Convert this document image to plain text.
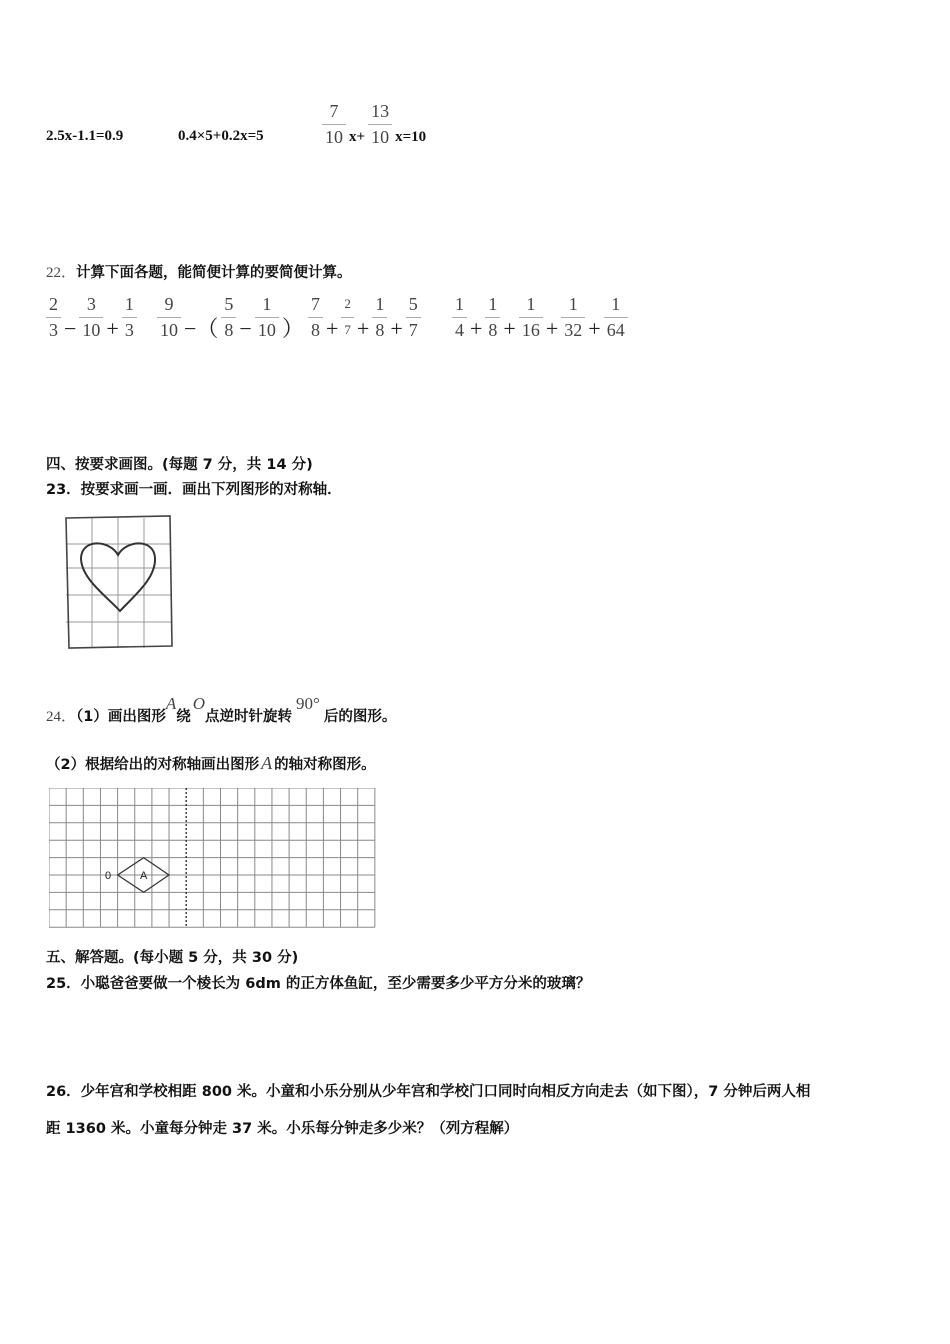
2.5x-1.1=0.9	0.4×5+0.2x=5	$\frac{7}{10} x+ \frac{13}{10} x=10$
22．计算下面各题，能简便计算的要简便计算。
$\frac{2}{3} - \frac{3}{10} + \frac{1}{3} \frac{9}{10}$ −（ $\frac{5}{8} - \frac{1}{10}$ ） $\frac{7}{8} + \frac{2}{7} + \frac{1}{8} + \frac{5}{7} \frac{1}{4} + \frac{1}{8} + \frac{1}{16} + \frac{1}{32} + \frac{1}{64}$
四、按要求画图。(每题 7 分，共 14 分)
23．按要求画一画．画出下列图形的对称轴．
24．（1）画出图形A绕O点逆时针旋转90°后的图形。
（2）根据给出的对称轴画出图形 A 的轴对称图形。
0	A
五、解答题。(每小题 5 分，共 30 分)
25．小聪爸爸要做一个棱长为 6dm 的正方体鱼缸，至少需要多少平方分米的玻璃？
26．少年宫和学校相距 800 米。小童和小乐分别从少年宫和学校门口同时向相反方向走去（如下图），7 分钟后两人相
距 1360 米。小童每分钟走 37 米。小乐每分钟走多少米？（列方程解）
